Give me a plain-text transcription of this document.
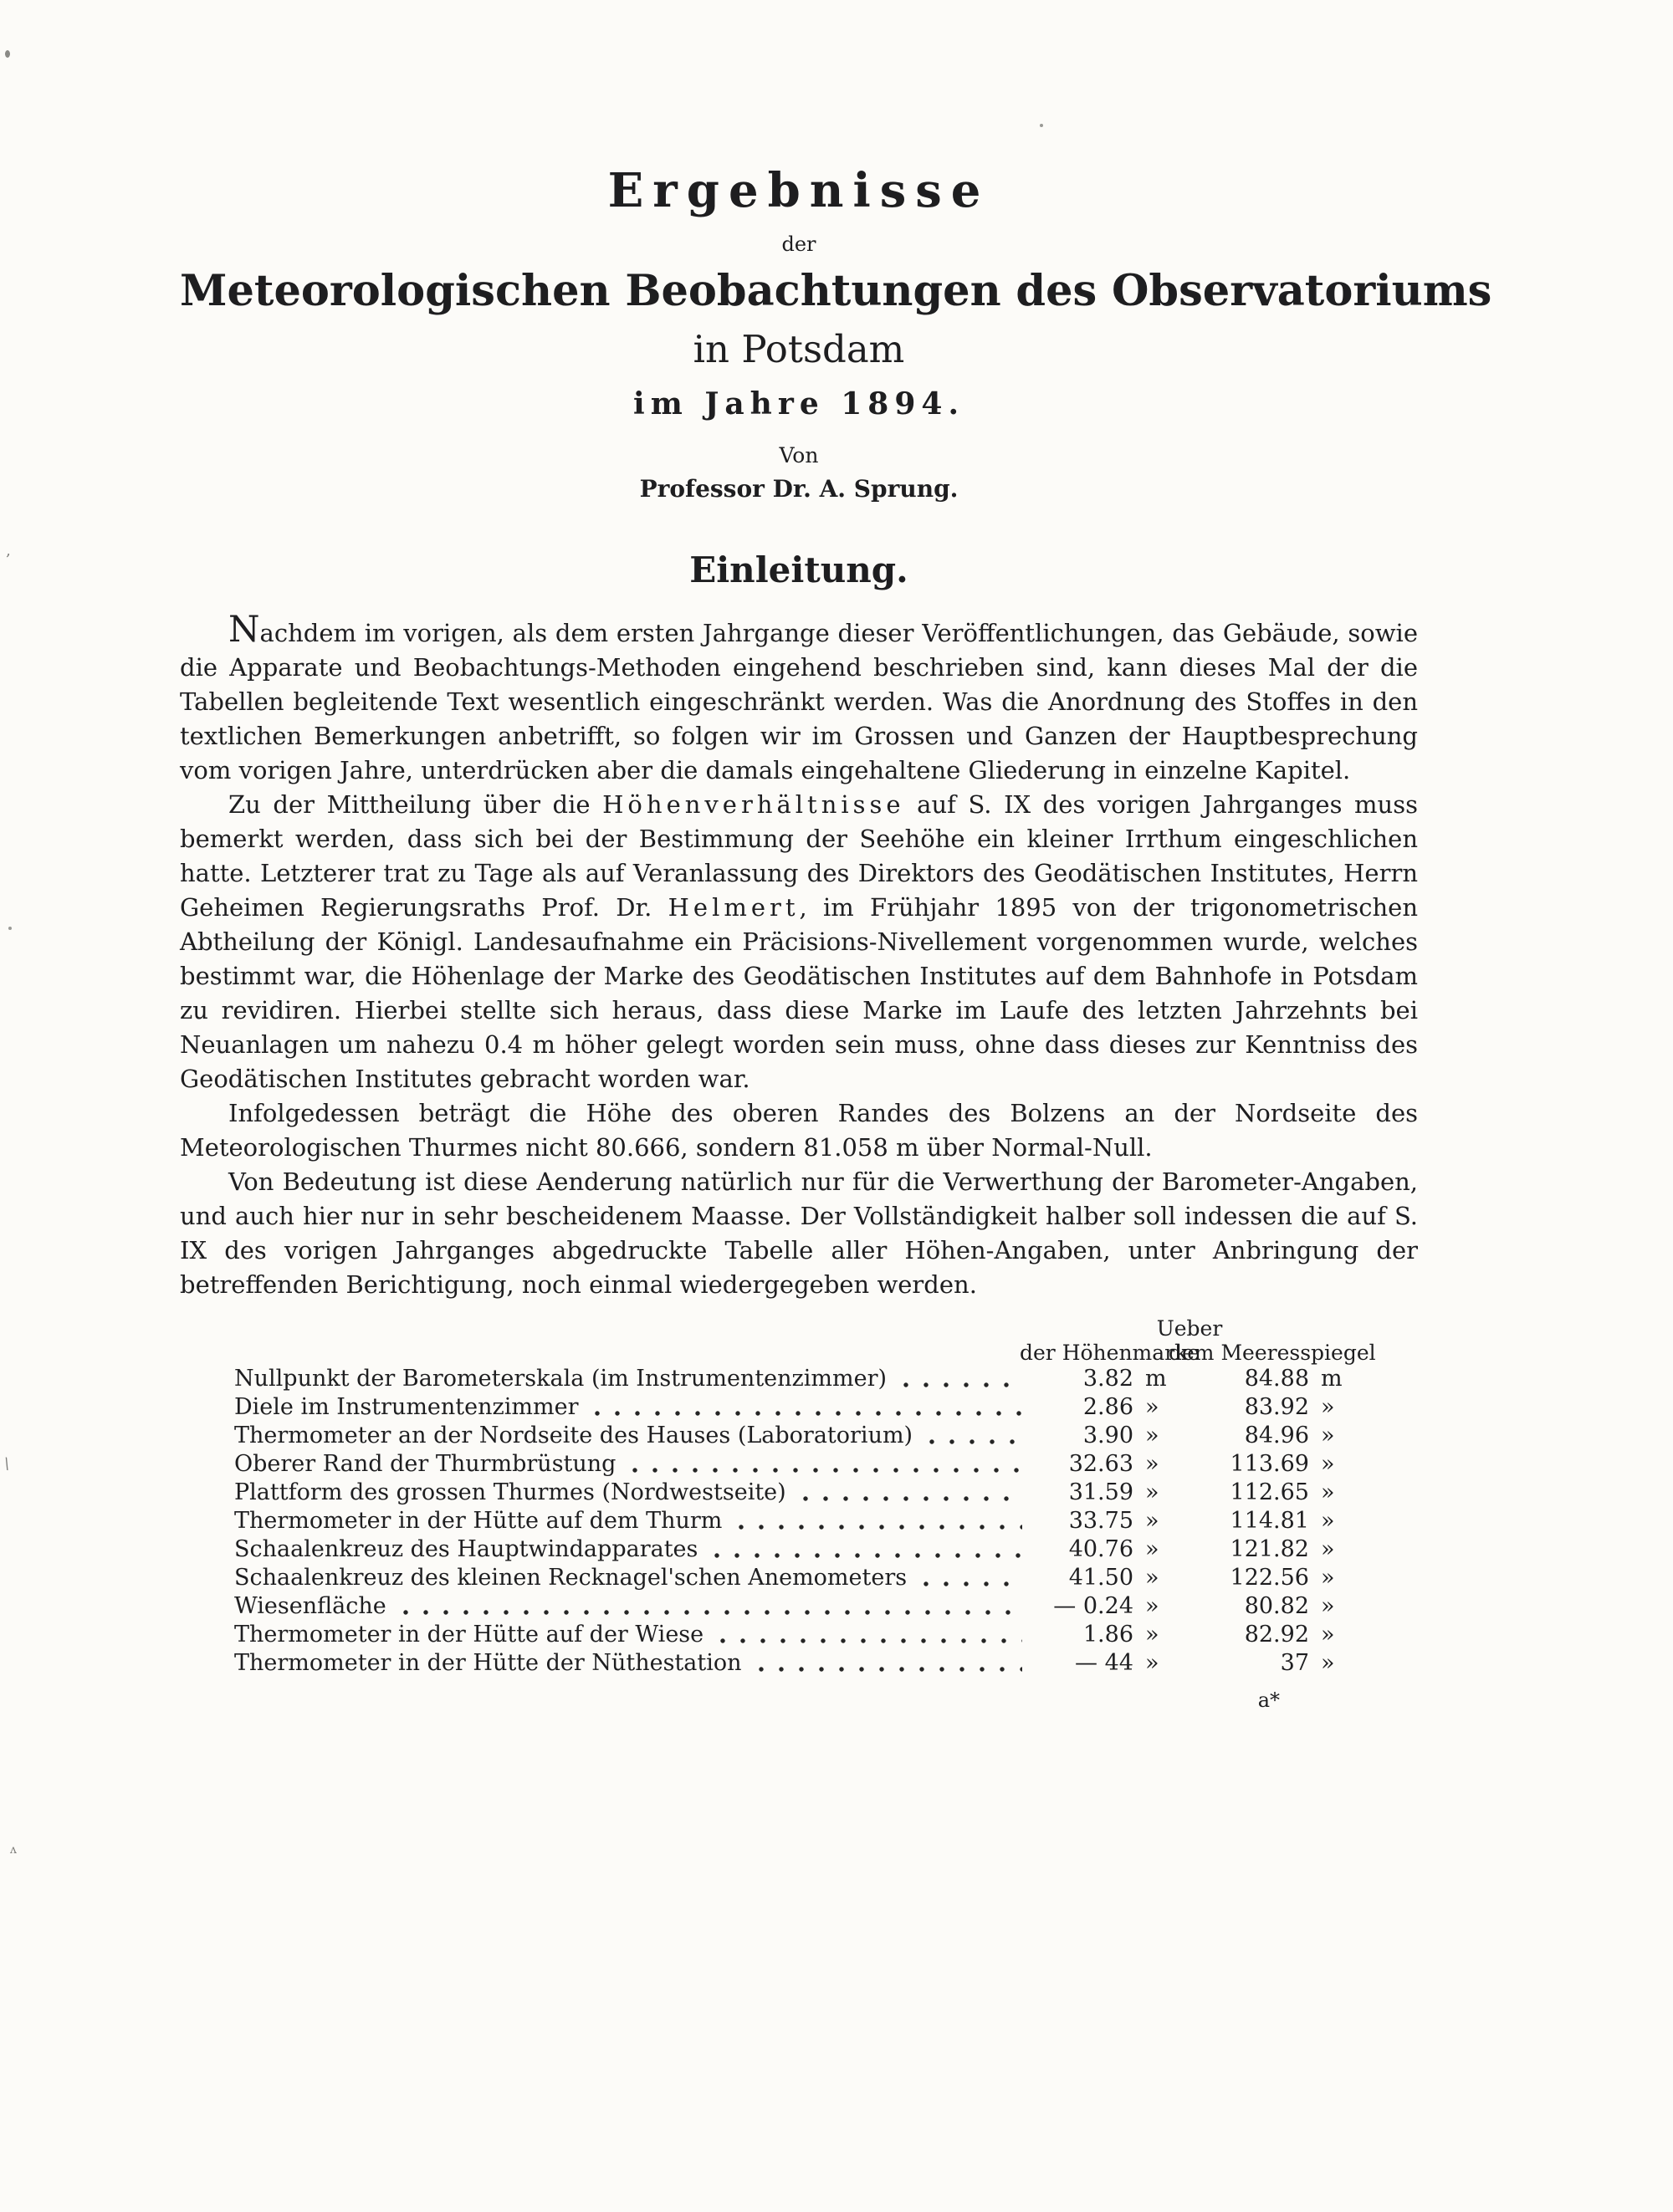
‚
\
ʌ
Ergebnisse
der
Meteorologischen Beobachtungen des Observatoriums
in Potsdam
im Jahre 1894.
Von
Professor Dr. A. Sprung.
Einleitung.

Nachdem im vorigen, als dem ersten Jahrgange dieser Veröffentlichungen, das Gebäude, sowie die Apparate und Beobachtungs-Methoden eingehend beschrieben sind, kann dieses Mal der die Tabellen begleitende Text wesentlich eingeschränkt werden. Was die Anordnung des Stoffes in den textlichen Bemerkungen anbetrifft, so folgen wir im Grossen und Ganzen der Hauptbesprechung vom vorigen Jahre, unterdrücken aber die damals eingehaltene Gliederung in einzelne Kapitel.

Zu der Mittheilung über die Höhenverhältnisse auf S. IX des vorigen Jahrganges muss bemerkt werden, dass sich bei der Bestimmung der Seehöhe ein kleiner Irrthum eingeschlichen hatte. Letzterer trat zu Tage als auf Veranlassung des Direktors des Geodätischen Institutes, Herrn Geheimen Regierungsraths Prof. Dr. Helmert, im Frühjahr 1895 von der trigonometrischen Abtheilung der Königl. Landesaufnahme ein Präcisions-Nivellement vorgenommen wurde, welches bestimmt war, die Höhenlage der Marke des Geodätischen Institutes auf dem Bahnhofe in Potsdam zu revidiren. Hierbei stellte sich heraus, dass diese Marke im Laufe des letzten Jahrzehnts bei Neuanlagen um nahezu 0.4 m höher gelegt worden sein muss, ohne dass dieses zur Kenntniss des Geodätischen Institutes gebracht worden war.

Infolgedessen beträgt die Höhe des oberen Randes des Bolzens an der Nordseite des Meteorologischen Thurmes nicht 80.666, sondern 81.058 m über Normal-Null.

Von Bedeutung ist diese Aenderung natürlich nur für die Verwerthung der Barometer-Angaben, und auch hier nur in sehr bescheidenem Maasse. Der Vollständigkeit halber soll indessen die auf S. IX des vorigen Jahrganges abgedruckte Tabelle aller Höhen-Angaben, unter Anbringung der betreffenden Berichtigung, noch einmal wiedergegeben werden.

Ueber
der Höhenmarke
dem Meeresspiegel
Nullpunkt der Barometerskala (im Instrumentenzimmer)	3.82 m	84.88 m
Diele im Instrumentenzimmer	2.86 »	83.92 »
Thermometer an der Nordseite des Hauses (Laboratorium)	3.90 »	84.96 »
Oberer Rand der Thurmbrüstung	32.63 »	113.69 »
Plattform des grossen Thurmes (Nordwestseite)	31.59 »	112.65 »
Thermometer in der Hütte auf dem Thurm	33.75 »	114.81 »
Schaalenkreuz des Hauptwindapparates	40.76 »	121.82 »
Schaalenkreuz des kleinen Recknagel'schen Anemometers	41.50 »	122.56 »
Wiesenfläche	— 0.24 »	80.82 »
Thermometer in der Hütte auf der Wiese	1.86 »	82.92 »
Thermometer in der Hütte der Nüthestation	— 44 »	37 »
a*
